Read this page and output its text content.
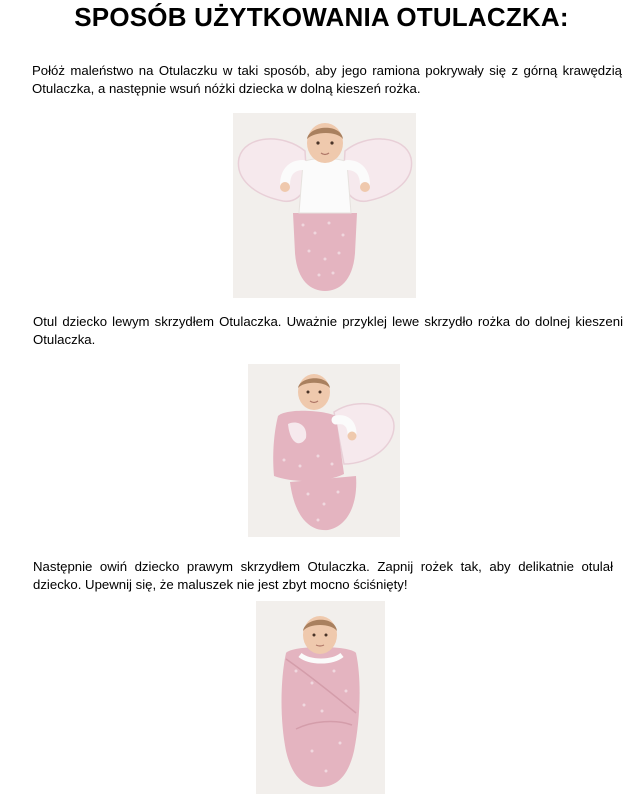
SPOSÓB UŻYTKOWANIA OTULACZKA:

Połóż maleństwo na Otulaczku w taki sposób, aby jego ramiona pokrywały się z górną krawędzią Otulaczka, a następnie wsuń nóżki dziecka w dolną kieszeń rożka.

Otul dziecko lewym skrzydłem Otulaczka. Uważnie przyklej lewe skrzydło rożka do dolnej kieszeni Otulaczka.

Następnie owiń dziecko prawym skrzydłem Otulaczka. Zapnij rożek tak, aby delikatnie otulał dziecko. Upewnij się, że maluszek nie jest zbyt mocno ściśnięty!
